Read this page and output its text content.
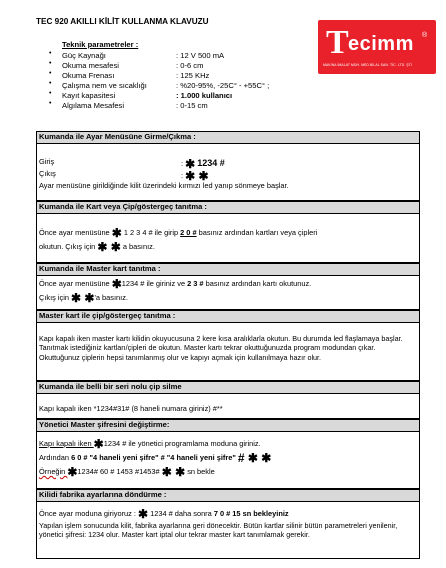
TEC 920 AKILLI KİLİT KULLANMA KLAVUZU
T ecimm ®
MAKİNA İMALAT MÜH. MED.BİLAL SAN. TİC. LTD. ŞTİ
Teknik parametreler :
• Güç Kaynağı	: 12 V 500 mA
• Okuma mesafesi	: 0-6 cm
• Okuma Frenası	: 125 KHz
• Çalışma nem ve sıcaklığı	: %20-95%, -25C° - +55C° ;
• Kayıt kapasitesi	: 1.000 kullanıcı
• Algılama Mesafesi	: 0-15 cm
Kumanda ile Ayar Menüsüne Girme/Çıkma :
Giriş	: ✱ 1234 #
Çıkış	: ✱ ✱
Ayar menüsüne girildiğinde kilit üzerindeki kırmızı led yanıp sönmeye başlar.
Kumanda ile Kart veya Çip/göstergeç tanıtma :
Önce ayar menüsüne ✱ 1 2 3 4 # ile girip 2 0 # basınız ardından kartları veya çipleri
okutun. Çıkış için ✱ ✱ a basınız.
Kumanda ile Master kart tanıtma :
Önce ayar menüsüne ✱1234 # ile giriniz ve 2 3 # basınız ardından kartı okutunuz.
Çıkış için ✱ ✱'a basınız.
Master kart ile çip/göstergeç tanıtma :
Kapı kapalı iken master kartı kilidin okuyucusuna 2 kere kısa aralıklarla okutun. Bu durumda led flaşlamaya başlar. Tanıtmak istediğiniz kartları/çipleri de okutun. Master kartı tekrar okuttuğunuzda program modundan çıkar. Okuttuğunuz çiplerin hepsi tanımlanmış olur ve kapıyı açmak için kullanılmaya hazır olur.
Kumanda ile belli bir seri nolu çip silme
Kapı kapalı iken *1234#31# (8 haneli numara giriniz) #**
Yönetici Master şifresini değiştirme:
Kapı kapalı iken ✱1234 # ile yönetici programlama moduna giriniz.
Ardından 6 0 # "4 haneli yeni şifre" # "4 haneli yeni şifre" # ✱ ✱
Örneğin ✱1234# 60 # 1453 #1453# ✱ ✱ sn bekle
Kilidi fabrika ayarlarına döndürme :
Önce ayar moduna giriyoruz : ✱ 1234 # daha sonra 7 0 # 15 sn bekleyiniz
Yapılan işlem sonucunda kilit, fabrika ayarlarına geri dönecektir. Bütün kartlar silinir bütün parametreleri yenilenir, yönetici şifresi: 1234 olur. Master kart iptal olur tekrar master kart tanımlamak gerekir.
